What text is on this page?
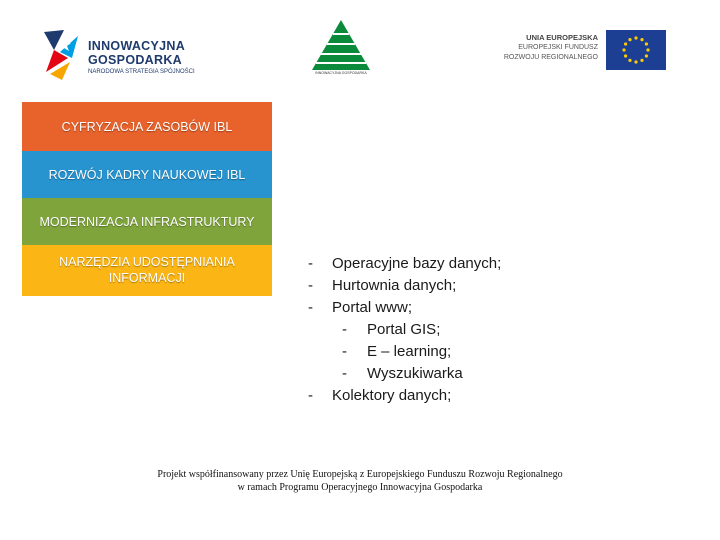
INNOWACYJNA
GOSPODARKA
NARODOWA STRATEGIA SPÓJNOŚCI	INNOWACYJNA GOSPODARKA
UNIA EUROPEJSKA
EUROPEJSKI FUNDUSZ
ROZWOJU REGIONALNEGO
CYFRYZACJA ZASOBÓW IBL
ROZWÓJ KADRY NAUKOWEJ IBL
MODERNIZACJA INFRASTRUKTURY
NARZĘDZIA UDOSTĘPNIANIA
INFORMACJI
- Operacyjne bazy danych;
- Hurtownia danych;
- Portal www;
- Portal GIS;
- E – learning;
- Wyszukiwarka
- Kolektory danych;
Projekt współfinansowany przez Unię Europejską z Europejskiego Funduszu Rozwoju Regionalnego
w ramach Programu Operacyjnego Innowacyjna Gospodarka
